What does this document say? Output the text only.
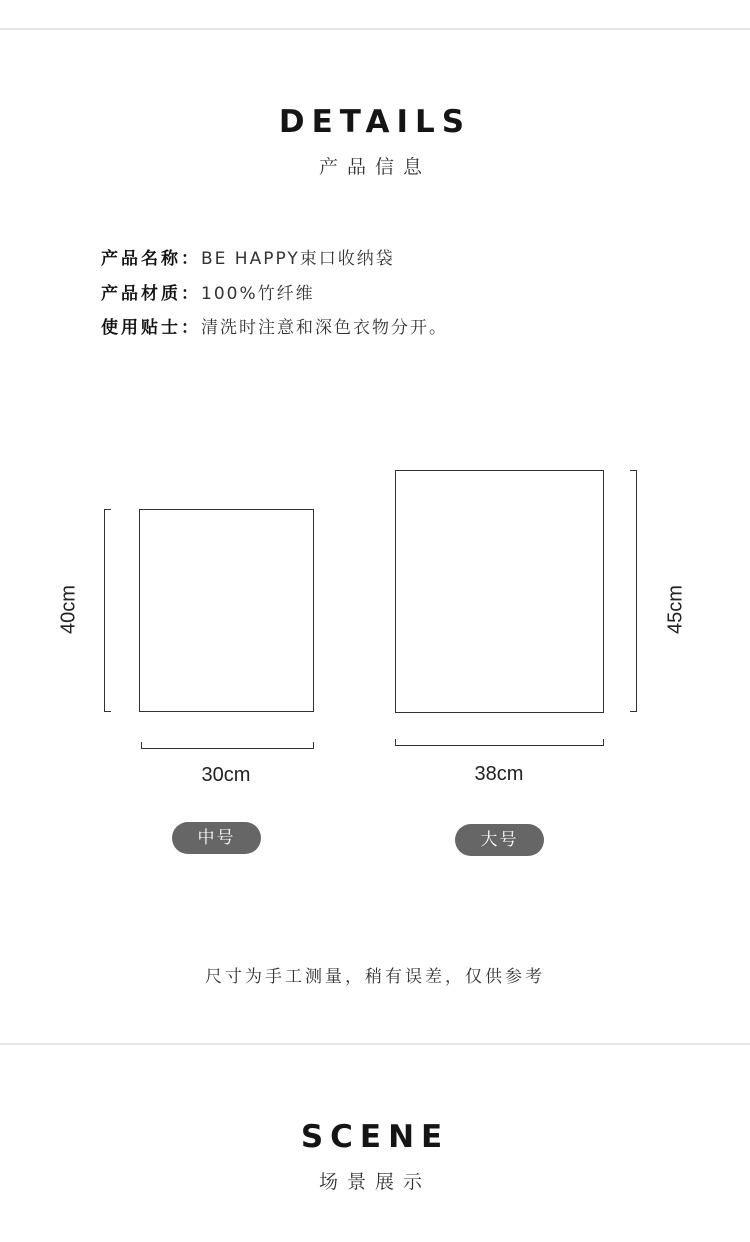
DETAILS
产品信息
产品名称：BE HAPPY束口收纳袋
产品材质：100%竹纤维
使用贴士：清洗时注意和深色衣物分开。
40cm
30cm
中号
45cm
38cm
大号
尺寸为手工测量，稍有误差，仅供参考
SCENE
场景展示
